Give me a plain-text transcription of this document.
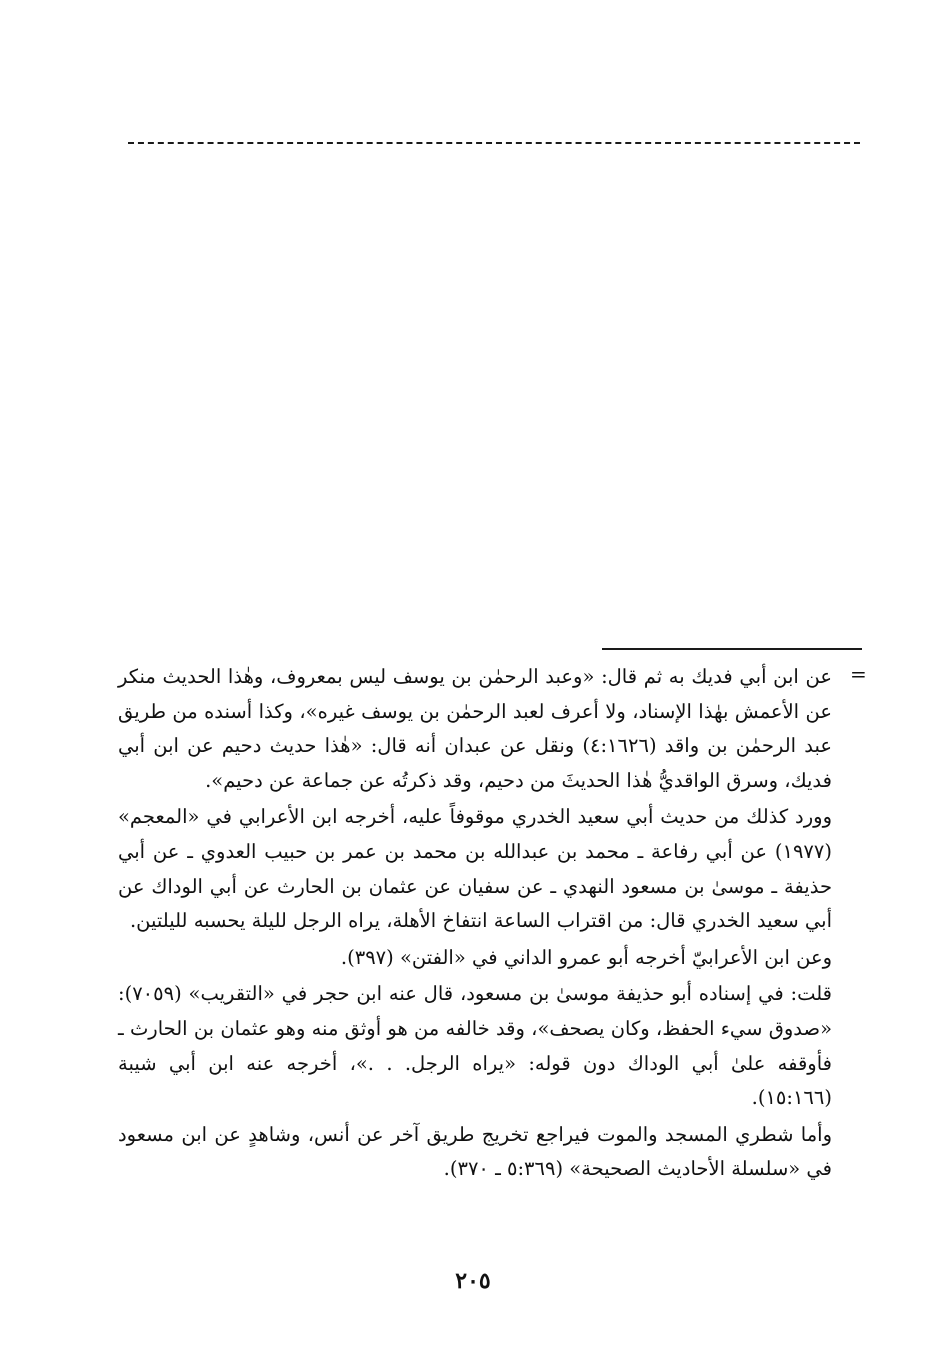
=

عن ابن أبي فديك به ثم قال: «وعبد الرحمٰن بن يوسف ليس بمعروف، وهٰذا الحديث منكر عن الأعمش بهٰذا الإسناد، ولا أعرف لعبد الرحمٰن بن يوسف غيره»، وكذا أسنده من طريق عبد الرحمٰن بن واقد (٤:١٦٢٦) ونقل عن عبدان أنه قال: «هٰذا حديث دحيم عن ابن أبي فديك، وسرق الواقديُّ هٰذا الحديثَ من دحيم، وقد ذكرتُه عن جماعة عن دحيم».

وورد كذلك من حديث أبي سعيد الخدري موقوفاً عليه، أخرجه ابن الأعرابي في «المعجم» (١٩٧٧) عن أبي رفاعة ـ محمد بن عبدالله بن محمد بن عمر بن حبيب العدوي ـ عن أبي حذيفة ـ موسىٰ بن مسعود النهدي ـ عن سفيان عن عثمان بن الحارث عن أبي الوداك عن أبي سعيد الخدري قال: من اقتراب الساعة انتفاخ الأهلة، يراه الرجل لليلة يحسبه لليلتين.

وعن ابن الأعرابيّ أخرجه أبو عمرو الداني في «الفتن» (٣٩٧).

قلت: في إسناده أبو حذيفة موسىٰ بن مسعود، قال عنه ابن حجر في «التقريب» (٧٠٥٩): «صدوق سيء الحفظ، وكان يصحف»، وقد خالفه من هو أوثق منه وهو عثمان بن الحارث ـ فأوقفه علىٰ أبي الوداك دون قوله: «يراه الرجل. . .»، أخرجه عنه ابن أبي شيبة (١٥:١٦٦).

وأما شطري المسجد والموت فيراجع تخريج طريق آخر عن أنس، وشاهدٍ عن ابن مسعود في «سلسلة الأحاديث الصحيحة» (٥:٣٦٩ ـ ٣٧٠).

٢٠٥
